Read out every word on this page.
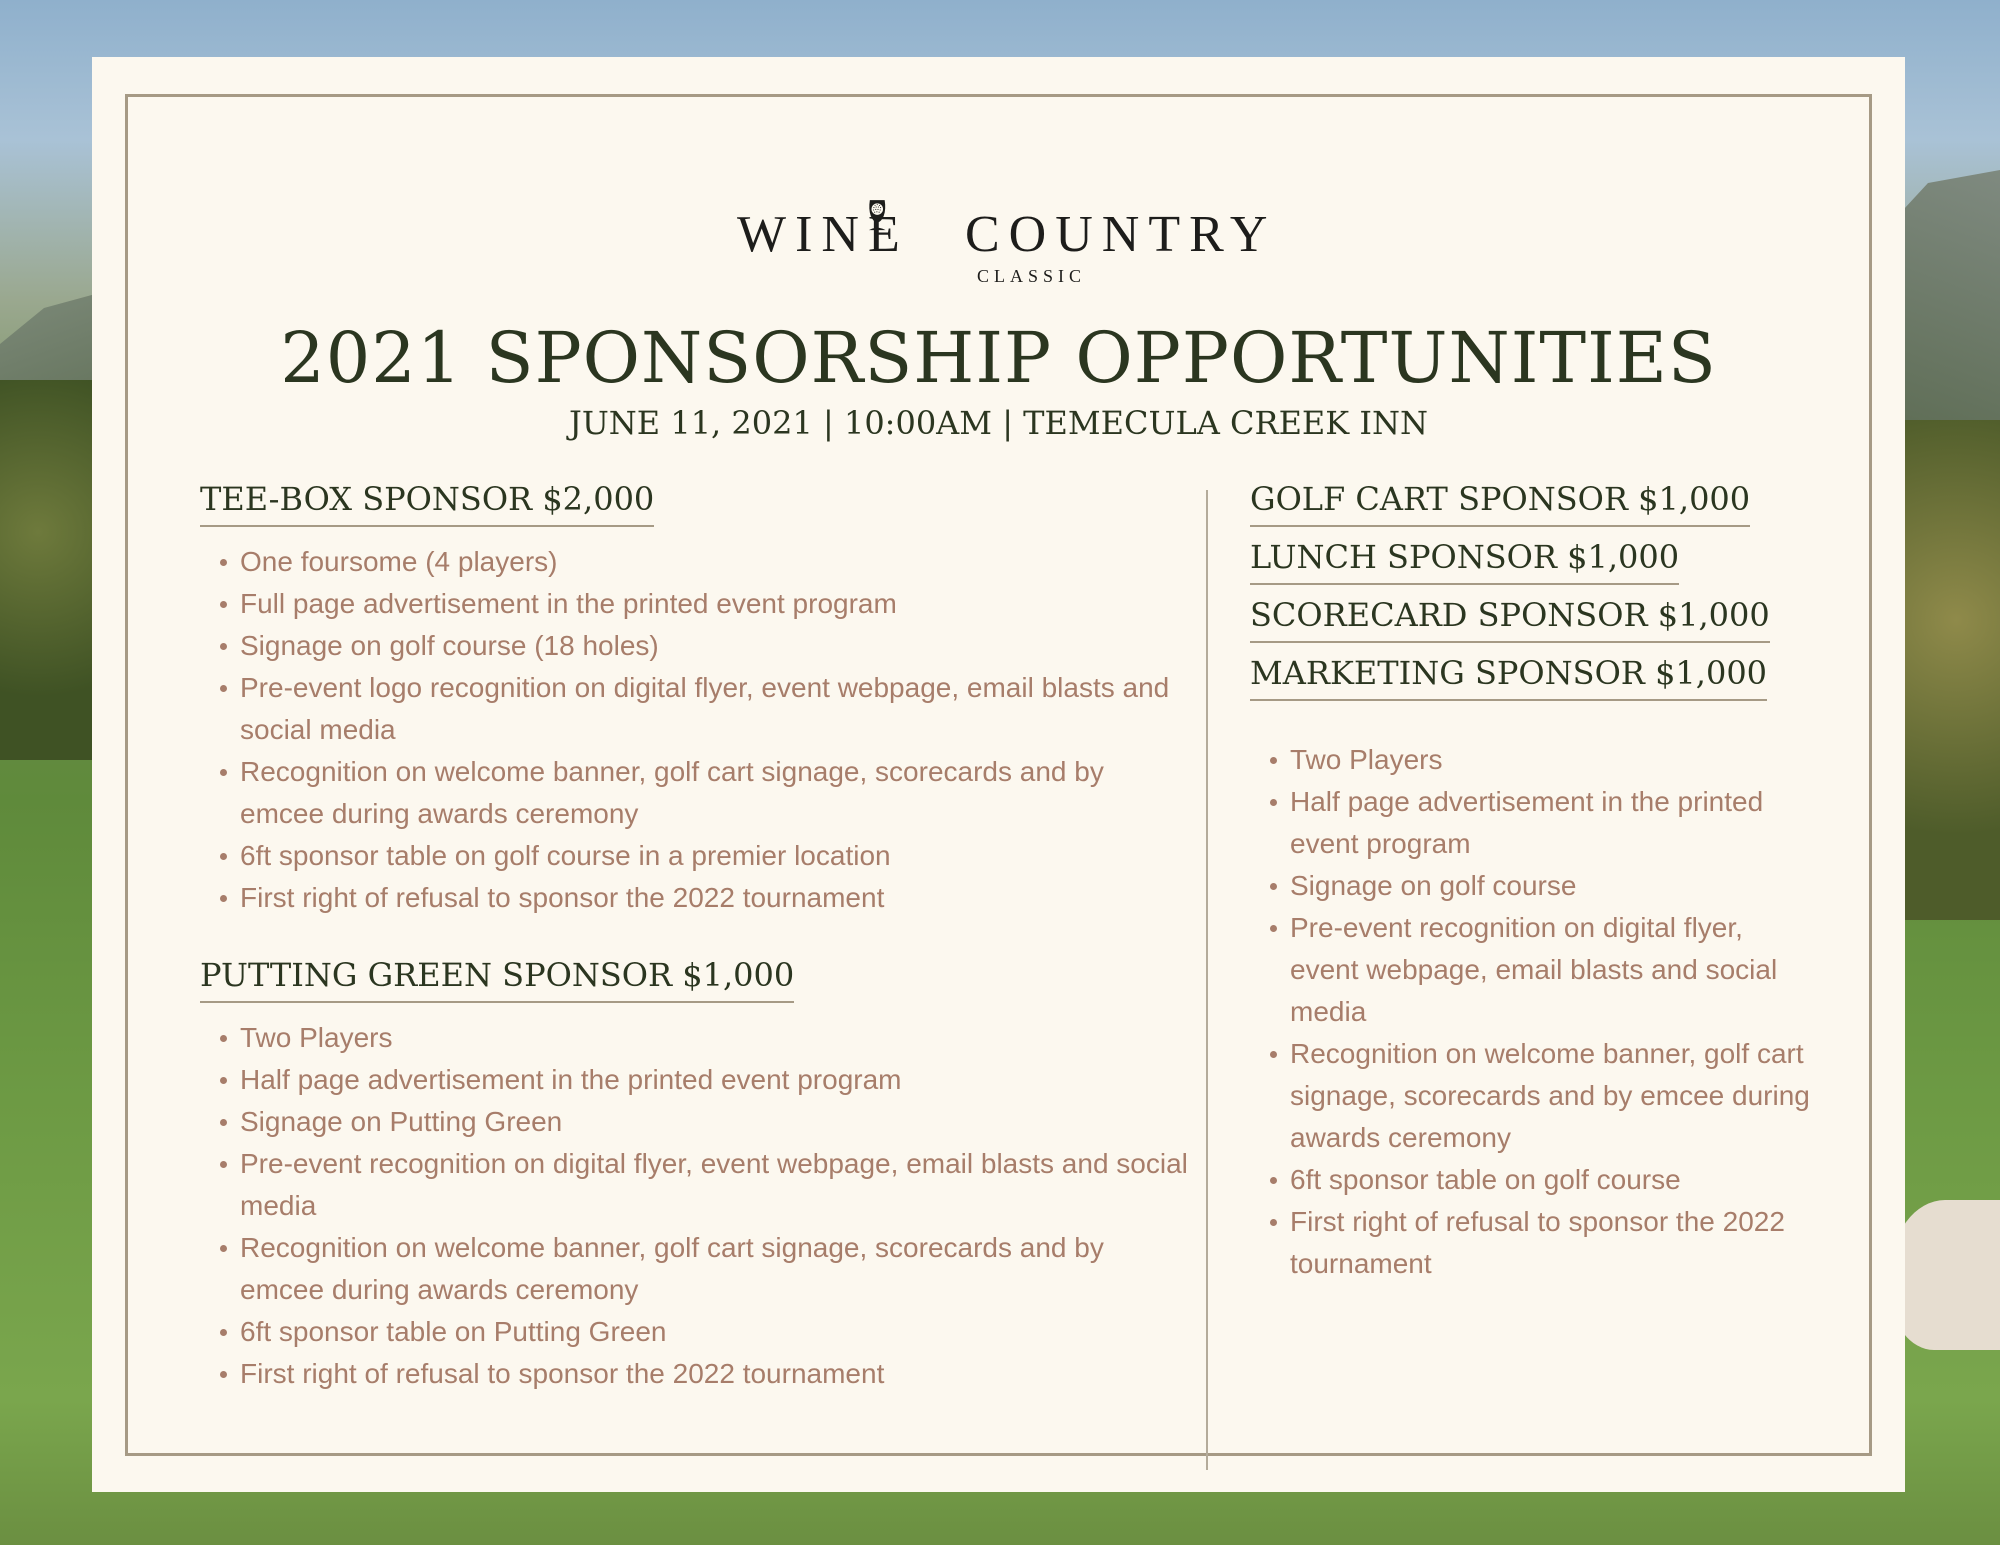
WINE COUNTRY
CLASSIC
2021 SPONSORSHIP OPPORTUNITIES
JUNE 11, 2021 | 10:00AM | TEMECULA CREEK INN
TEE-BOX SPONSOR $2,000
One foursome (4 players)
Full page advertisement in the printed event program
Signage on golf course (18 holes)
Pre-event logo recognition on digital flyer, event webpage, email blasts and social media
Recognition on welcome banner, golf cart signage, scorecards and by emcee during awards ceremony
6ft sponsor table on golf course in a premier location
First right of refusal to sponsor the 2022 tournament
PUTTING GREEN SPONSOR $1,000
Two Players
Half page advertisement in the printed event program
Signage on Putting Green
Pre-event recognition on digital flyer, event webpage, email blasts and social media
Recognition on welcome banner, golf cart signage, scorecards and by emcee during awards ceremony
6ft sponsor table on Putting Green
First right of refusal to sponsor the 2022 tournament
GOLF CART SPONSOR $1,000
LUNCH SPONSOR $1,000
SCORECARD SPONSOR $1,000
MARKETING SPONSOR $1,000
Two Players
Half page advertisement in the printed event program
Signage on golf course
Pre-event recognition on digital flyer, event webpage, email blasts and social media
Recognition on welcome banner, golf cart signage, scorecards and by emcee during awards ceremony
6ft sponsor table on golf course
First right of refusal to sponsor the 2022 tournament
